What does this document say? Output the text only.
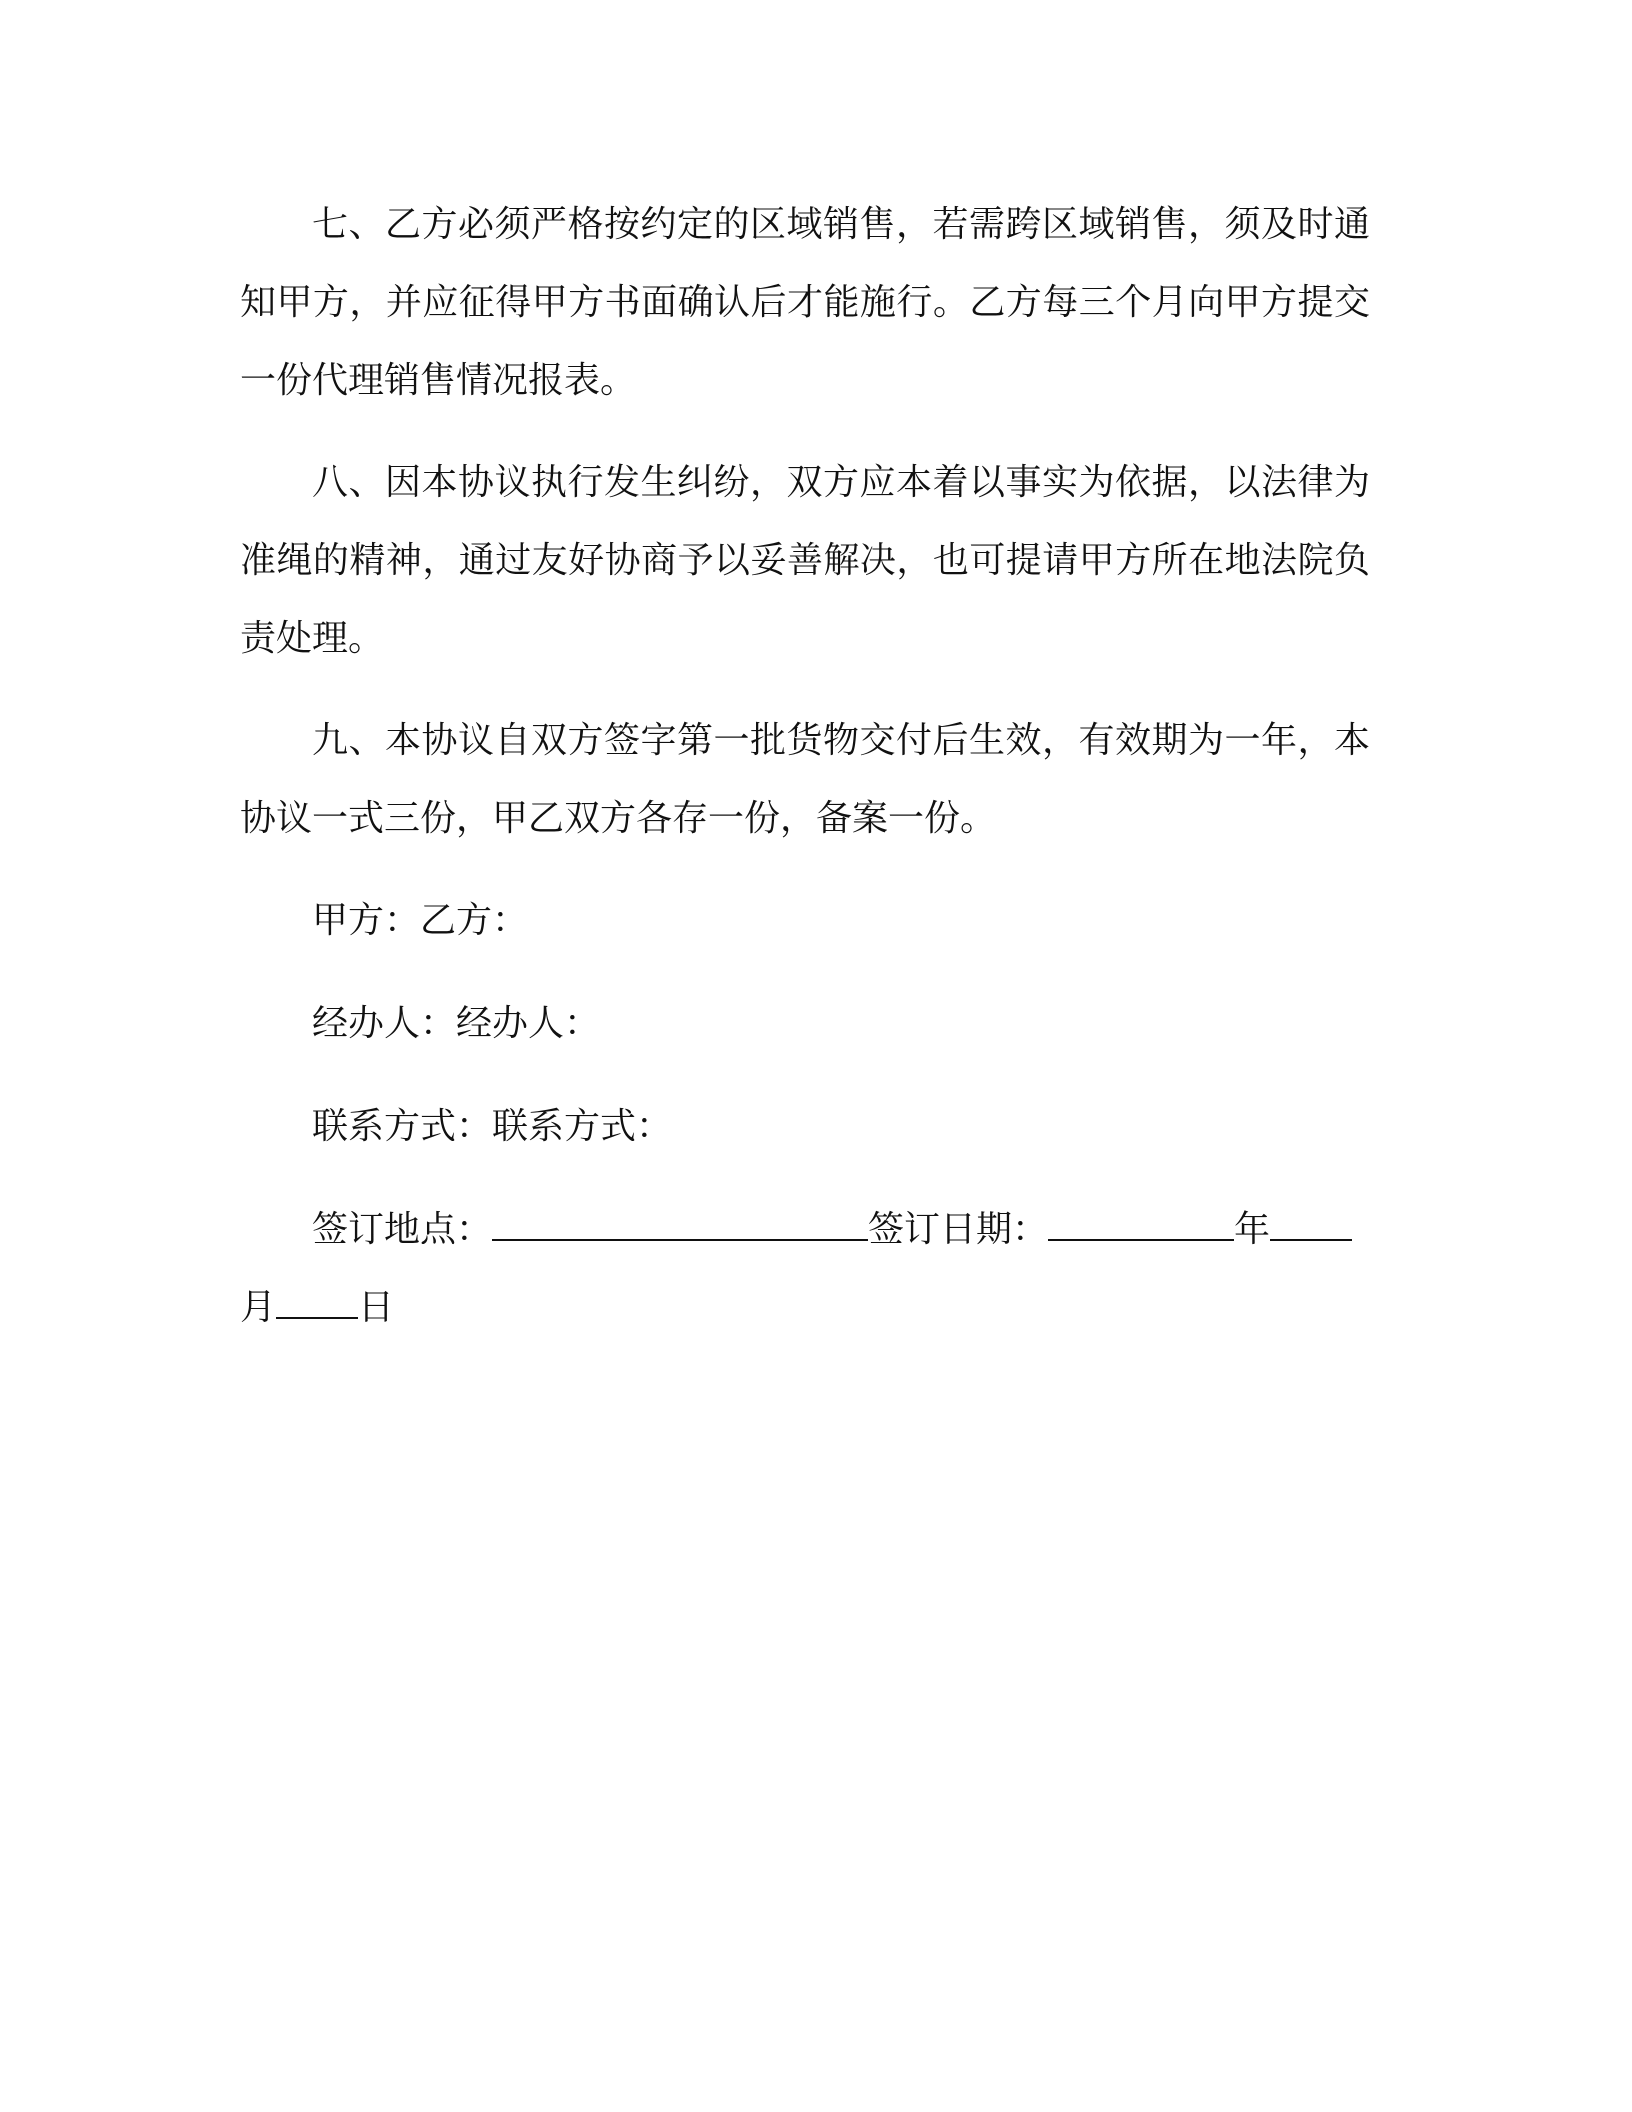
七、乙方必须严格按约定的区域销售，若需跨区域销售，须及时通知甲方，并应征得甲方书面确认后才能施行。乙方每三个月向甲方提交一份代理销售情况报表。

八、因本协议执行发生纠纷，双方应本着以事实为依据，以法律为准绳的精神，通过友好协商予以妥善解决，也可提请甲方所在地法院负责处理。

九、本协议自双方签字第一批货物交付后生效，有效期为一年，本协议一式三份，甲乙双方各存一份，备案一份。

甲方：乙方：

经办人：经办人：

联系方式：联系方式：

签订地点：	签订日期：	年月 日
